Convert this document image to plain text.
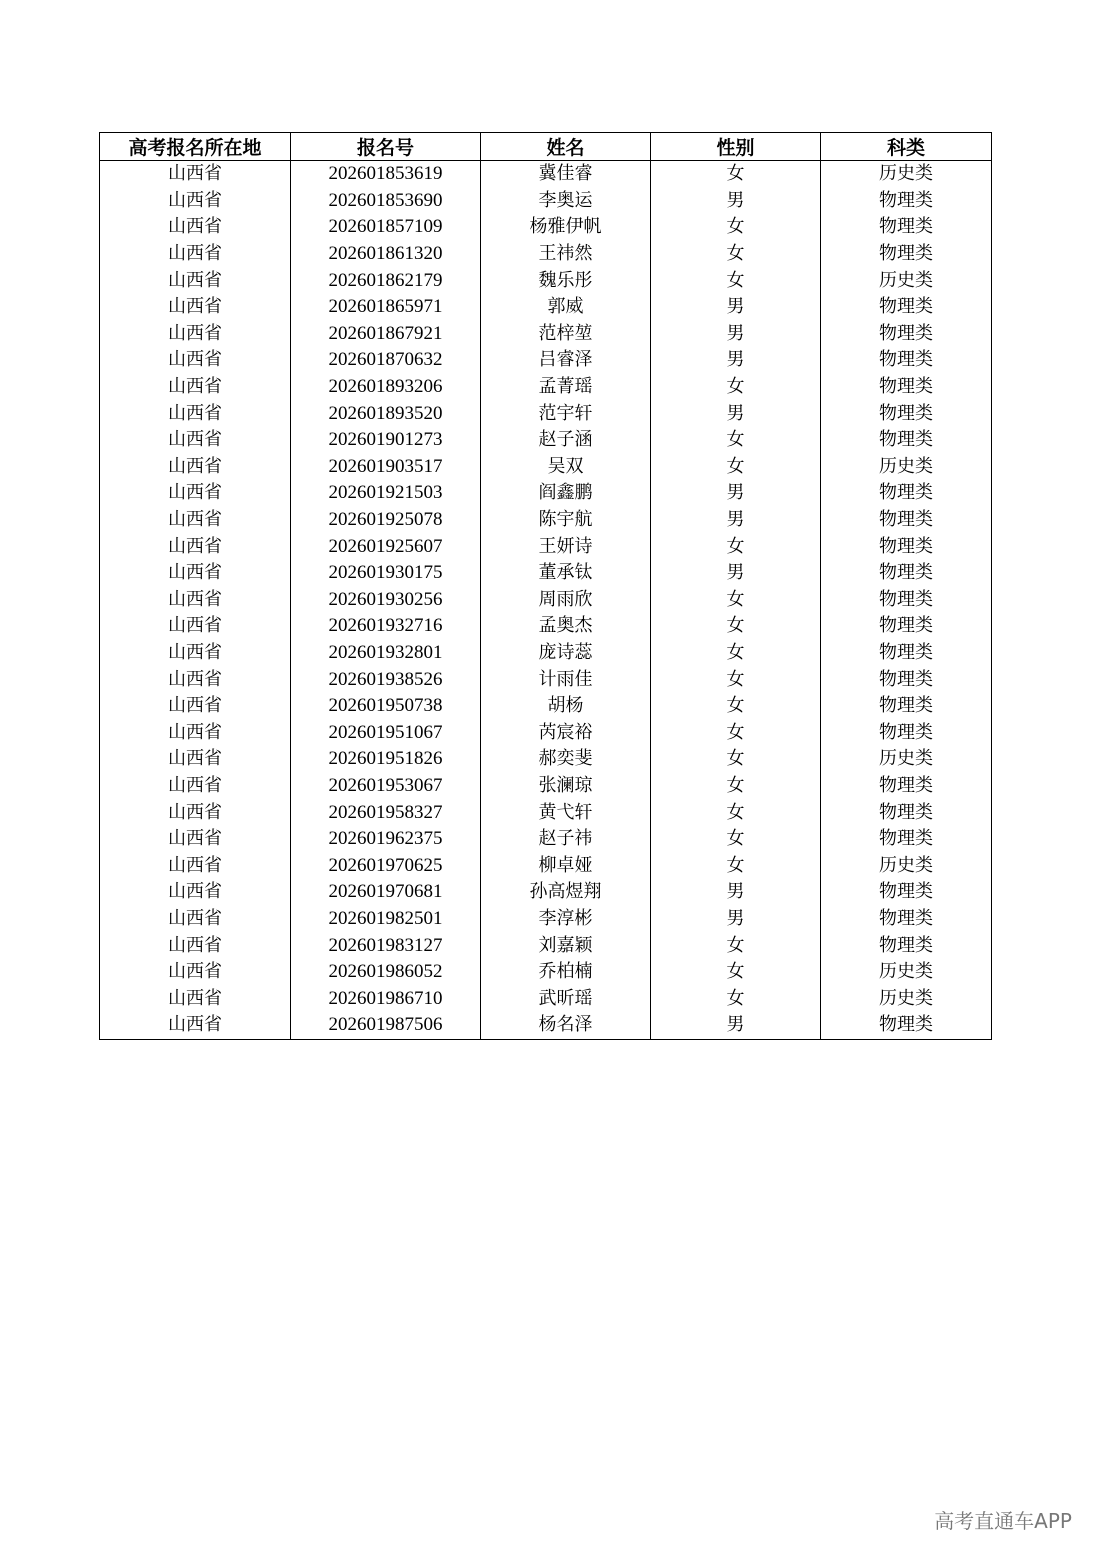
高考报名所在地	报名号	姓名	性别	科类
山西省	202601853619	冀佳睿	女	历史类
山西省	202601853690	李奥运	男	物理类
山西省	202601857109	杨雅伊帆	女	物理类
山西省	202601861320	王祎然	女	物理类
山西省	202601862179	魏乐彤	女	历史类
山西省	202601865971	郭威	男	物理类
山西省	202601867921	范梓堃	男	物理类
山西省	202601870632	吕睿泽	男	物理类
山西省	202601893206	孟菁瑶	女	物理类
山西省	202601893520	范宇轩	男	物理类
山西省	202601901273	赵子涵	女	物理类
山西省	202601903517	吴双	女	历史类
山西省	202601921503	阎鑫鹏	男	物理类
山西省	202601925078	陈宇航	男	物理类
山西省	202601925607	王妍诗	女	物理类
山西省	202601930175	董承钛	男	物理类
山西省	202601930256	周雨欣	女	物理类
山西省	202601932716	孟奥杰	女	物理类
山西省	202601932801	庞诗蕊	女	物理类
山西省	202601938526	计雨佳	女	物理类
山西省	202601950738	胡杨	女	物理类
山西省	202601951067	芮宸裕	女	物理类
山西省	202601951826	郝奕斐	女	历史类
山西省	202601953067	张澜琼	女	物理类
山西省	202601958327	黄弋轩	女	物理类
山西省	202601962375	赵子祎	女	物理类
山西省	202601970625	柳卓娅	女	历史类
山西省	202601970681	孙高煜翔	男	物理类
山西省	202601982501	李淳彬	男	物理类
山西省	202601983127	刘嘉颖	女	物理类
山西省	202601986052	乔柏楠	女	历史类
山西省	202601986710	武昕瑶	女	历史类
山西省	202601987506	杨名泽	男	物理类
高考直通车APP
